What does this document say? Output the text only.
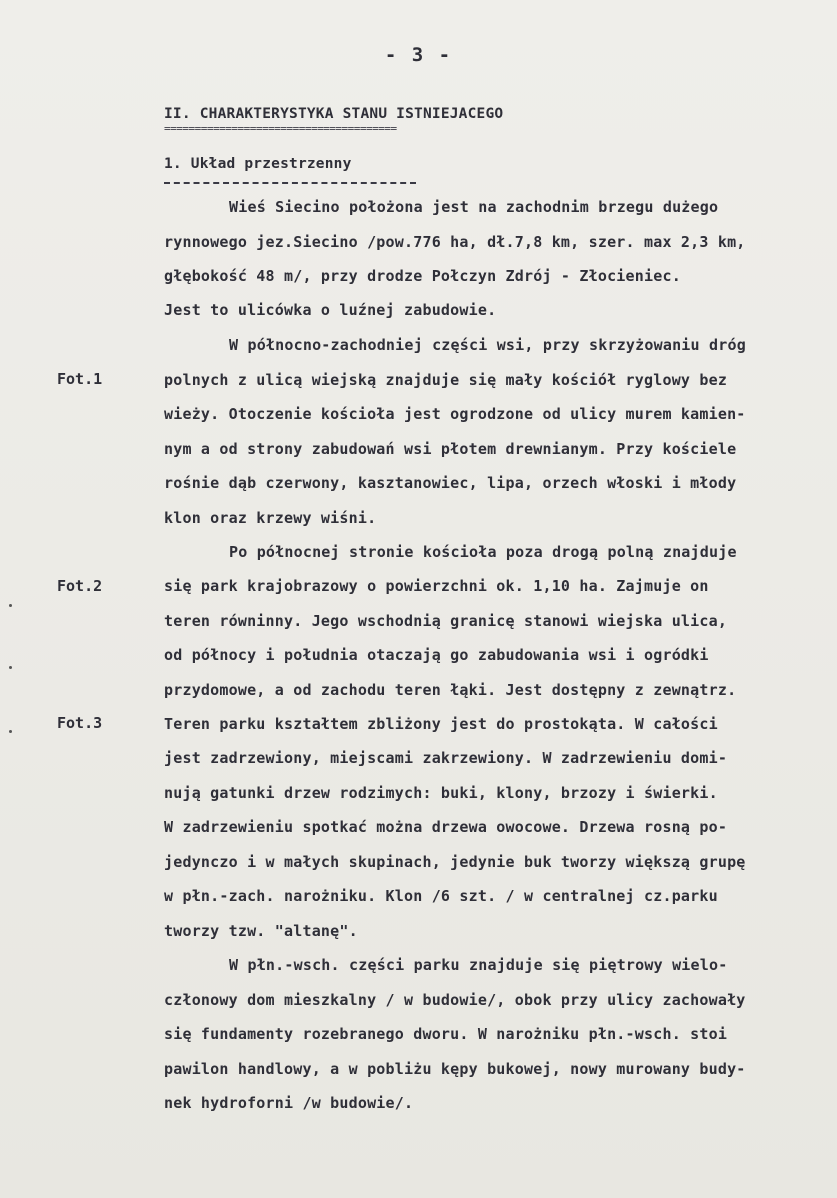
- 3 -
II. CHARAKTERYSTYKA STANU ISTNIEJACEGO
======================================
1. Układ przestrzenny
Fot.1
Fot.2
Fot.3
Wieś Siecino położona jest na zachodnim brzegu dużego
rynnowego jez.Siecino /pow.776 ha, dł.7,8 km, szer. max 2,3 km,
głębokość 48 m/, przy drodze Połczyn Zdrój - Złocieniec.
Jest to ulicówka o luźnej zabudowie.
W północno-zachodniej części wsi, przy skrzyżowaniu dróg
polnych z ulicą wiejską znajduje się mały kościół ryglowy bez
wieży. Otoczenie kościoła jest ogrodzone od ulicy murem kamien-
nym a od strony zabudowań wsi płotem drewnianym. Przy kościele
rośnie dąb czerwony, kasztanowiec, lipa, orzech włoski i młody
klon oraz krzewy wiśni.
Po północnej stronie kościoła poza drogą polną znajduje
się park krajobrazowy o powierzchni ok. 1,10 ha. Zajmuje on
teren równinny. Jego wschodnią granicę stanowi wiejska ulica,
od północy i południa otaczają go zabudowania wsi i ogródki
przydomowe, a od zachodu teren łąki. Jest dostępny z zewnątrz.
Teren parku kształtem zbliżony jest do prostokąta. W całości
jest zadrzewiony, miejscami zakrzewiony. W zadrzewieniu domi-
nują gatunki drzew rodzimych: buki, klony, brzozy i świerki.
W zadrzewieniu spotkać można drzewa owocowe. Drzewa rosną po-
jedynczo i w małych skupinach, jedynie buk tworzy większą grupę
w płn.-zach. narożniku. Klon /6 szt. / w centralnej cz.parku
tworzy tzw. "altanę".
W płn.-wsch. części parku znajduje się piętrowy wielo-
członowy dom mieszkalny / w budowie/, obok przy ulicy zachowały
się fundamenty rozebranego dworu. W narożniku płn.-wsch. stoi
pawilon handlowy, a w pobliżu kępy bukowej, nowy murowany budy-
nek hydroforni /w budowie/.
